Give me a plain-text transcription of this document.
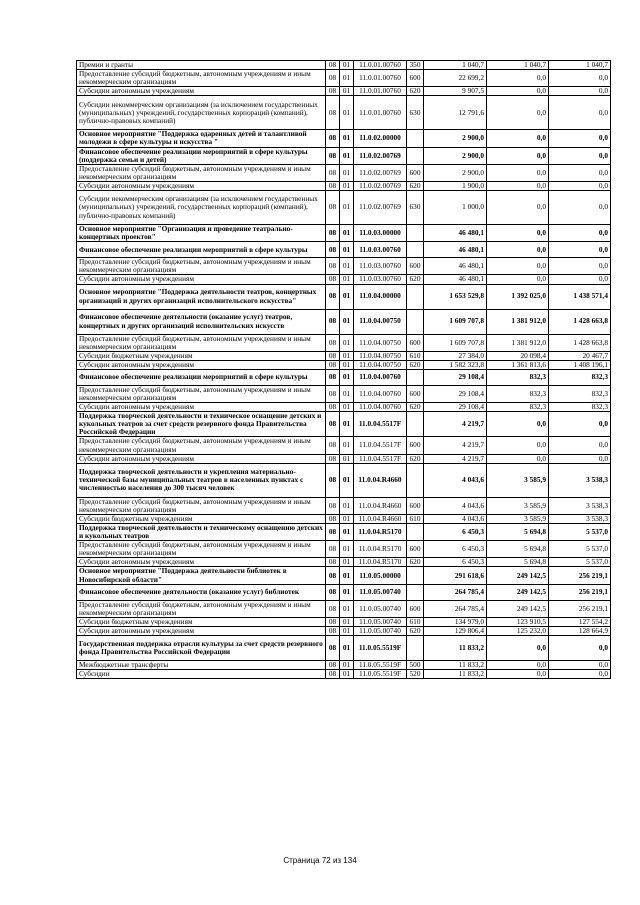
Премии и гранты	08	01	11.0.01.00760	350	1 040,7	1 040,7	1 040,7
Предоставление субсидий бюджетным, автономным учреждениям и иным некоммерческим организациям	08	01	11.0.01.00760	600	22 699,2	0,0	0,0
Субсидии автономным учреждениям	08	01	11.0.01.00760	620	9 907,5	0,0	0,0
Субсидии некоммерческим организациям (за исключением государственных (муниципальных) учреждений, государственных корпораций (компаний), публично-правовых компаний)	08	01	11.0.01.00760	630	12 791,6	0,0	0,0
Основное мероприятие "Поддержка одаренных детей и талантливой молодежи в сфере культуры и искусства "	08	01	11.0.02.00000		2 900,0	0,0	0,0
Финансовое обеспечение реализации мероприятий в сфере культуры (поддержка семьи и детей)	08	01	11.0.02.00769		2 900,0	0,0	0,0
Предоставление субсидий бюджетным, автономным учреждениям и иным некоммерческим организациям	08	01	11.0.02.00769	600	2 900,0	0,0	0,0
Субсидии автономным учреждениям	08	01	11.0.02.00769	620	1 900,0	0,0	0,0
Субсидии некоммерческим организациям (за исключением государственных (муниципальных) учреждений, государственных корпораций (компаний), публично-правовых компаний)	08	01	11.0.02.00769	630	1 000,0	0,0	0,0
Основное мероприятие "Организация и проведение театрально-концертных проектов"	08	01	11.0.03.00000		46 480,1	0,0	0,0
Финансовое обеспечение реализации мероприятий в сфере культуры	08	01	11.0.03.00760		46 480,1	0,0	0,0
Предоставление субсидий бюджетным, автономным учреждениям и иным некоммерческим организациям	08	01	11.0.03.00760	600	46 480,1	0,0	0,0
Субсидии автономным учреждениям	08	01	11.0.03.00760	620	46 480,1	0,0	0,0
Основное мероприятие "Поддержка деятельности театров, концертных организаций и других организаций исполнительского искусства"	08	01	11.0.04.00000		1 653 529,8	1 392 025,0	1 438 571,4
Финансовое обеспечение деятельности (оказание услуг) театров, концертных и других организаций исполнительских искусств	08	01	11.0.04.00750		1 609 707,8	1 381 912,0	1 428 663,8
Предоставление субсидий бюджетным, автономным учреждениям и иным некоммерческим организациям	08	01	11.0.04.00750	600	1 609 707,8	1 381 912,0	1 428 663,8
Субсидии бюджетным учреждениям	08	01	11.0.04.00750	610	27 384,0	20 098,4	20 467,7
Субсидии автономным учреждениям	08	01	11.0.04.00750	620	1 582 323,8	1 361 813,6	1 408 196,1
Финансовое обеспечение реализации мероприятий в сфере культуры	08	01	11.0.04.00760		29 108,4	832,3	832,3
Предоставление субсидий бюджетным, автономным учреждениям и иным некоммерческим организациям	08	01	11.0.04.00760	600	29 108,4	832,3	832,3
Субсидии автономным учреждениям	08	01	11.0.04.00760	620	29 108,4	832,3	832,3
Поддержка творческой деятельности и техническое оснащение детских и кукольных театров за счет средств резервного фонда Правительства Российской Федерации	08	01	11.0.04.5517F		4 219,7	0,0	0,0
Предоставление субсидий бюджетным, автономным учреждениям и иным некоммерческим организациям	08	01	11.0.04.5517F	600	4 219,7	0,0	0,0
Субсидии автономным учреждениям	08	01	11.0.04.5517F	620	4 219,7	0,0	0,0
Поддержка творческой деятельности и укрепления материально-технической базы муниципальных театров в населенных пунктах с численностью населения до 300 тысяч человек	08	01	11.0.04.R4660		4 043,6	3 585,9	3 538,3
Предоставление субсидий бюджетным, автономным учреждениям и иным некоммерческим организациям	08	01	11.0.04.R4660	600	4 043,6	3 585,9	3 538,3
Субсидии бюджетным учреждениям	08	01	11.0.04.R4660	610	4 043,6	3 585,9	3 538,3
Поддержка творческой деятельности и техническому оснащению детских и кукольных театров	08	01	11.0.04.R5170		6 450,3	5 694,8	5 537,0
Предоставление субсидий бюджетным, автономным учреждениям и иным некоммерческим организациям	08	01	11.0.04.R5170	600	6 450,3	5 694,8	5 537,0
Субсидии автономным учреждениям	08	01	11.0.04.R5170	620	6 450,3	5 694,8	5 537,0
Основное мероприятие "Поддержка деятельности библиотек в Новосибирской области"	08	01	11.0.05.00000		291 618,6	249 142,5	256 219,1
Финансовое обеспечение деятельности (оказание услуг) библиотек	08	01	11.0.05.00740		264 785,4	249 142,5	256 219,1
Предоставление субсидий бюджетным, автономным учреждениям и иным некоммерческим организациям	08	01	11.0.05.00740	600	264 785,4	249 142,5	256 219,1
Субсидии бюджетным учреждениям	08	01	11.0.05.00740	610	134 979,0	123 910,5	127 554,2
Субсидии автономным учреждениям	08	01	11.0.05.00740	620	129 806,4	125 232,0	128 664,9
Государственная поддержка отрасли культуры за счет средств резервного фонда Правительства Российской Федерации	08	01	11.0.05.5519F		11 833,2	0,0	0,0
Межбюджетные трансферты	08	01	11.0.05.5519F	500	11 833,2	0,0	0,0
Субсидии	08	01	11.0.05.5519F	520	11 833,2	0,0	0,0
Страница 72 из 134
